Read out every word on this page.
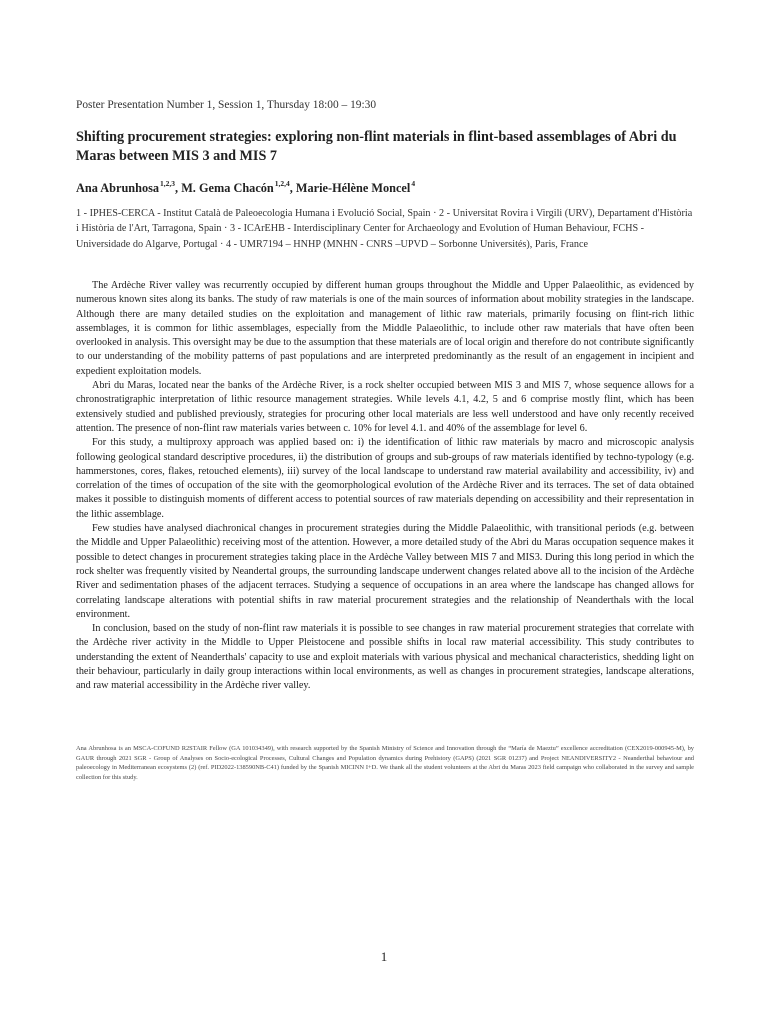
Poster Presentation Number 1, Session 1, Thursday 18:00 – 19:30
Shifting procurement strategies: exploring non-flint materials in flint-based assemblages of Abri du Maras between MIS 3 and MIS 7
Ana Abrunhosa$^{1,2,3}$, M. Gema Chacón$^{1,2,4}$, Marie-Hélène Moncel$^4$
1 - IPHES-CERCA - Institut Català de Paleoecologia Humana i Evolució Social, Spain · 2 - Universitat Rovira i Virgili (URV), Departament d'Història i Història de l'Art, Tarragona, Spain · 3 - ICArEHB - Interdisciplinary Center for Archaeology and Evolution of Human Behaviour, FCHS - Universidade do Algarve, Portugal · 4 - UMR7194 – HNHP (MNHN - CNRS –UPVD – Sorbonne Universités), Paris, France

The Ardèche River valley was recurrently occupied by different human groups throughout the Middle and Upper Palaeolithic, as evidenced by numerous known sites along its banks. The study of raw materials is one of the main sources of information about mobility strategies in the landscape. Although there are many detailed studies on the exploitation and management of lithic raw materials, primarily focusing on flint-rich lithic assemblages, it is common for lithic assemblages, especially from the Middle Palaeolithic, to include other raw materials that have often been overlooked in analysis. This oversight may be due to the assumption that these materials are of local origin and therefore do not contribute significantly to our understanding of the mobility patterns of past populations and are interpreted predominantly as the result of an engagement in incipient and expedient exploitation models.

Abri du Maras, located near the banks of the Ardèche River, is a rock shelter occupied between MIS 3 and MIS 7, whose sequence allows for a chronostratigraphic interpretation of lithic resource management strategies. While levels 4.1, 4.2, 5 and 6 comprise mostly flint, which has been extensively studied and published previously, strategies for procuring other local materials are less well understood and have only recently received attention. The presence of non-flint raw materials varies between c. 10% for level 4.1. and 40% of the assemblage for level 6.

For this study, a multiproxy approach was applied based on: i) the identification of lithic raw materials by macro and microscopic analysis following geological standard descriptive procedures, ii) the distribution of groups and sub-groups of raw materials identified by techno-typology (e.g. hammerstones, cores, flakes, retouched elements), iii) survey of the local landscape to understand raw material availability and accessibility, iv) and correlation of the times of occupation of the site with the geomorphological evolution of the Ardèche River and its terraces. The set of data obtained makes it possible to distinguish moments of different access to potential sources of raw materials depending on accessibility and their representation in the lithic assemblage.

Few studies have analysed diachronical changes in procurement strategies during the Middle Palaeolithic, with transitional periods (e.g. between the Middle and Upper Palaeolithic) receiving most of the attention. However, a more detailed study of the Abri du Maras occupation sequence makes it possible to detect changes in procurement strategies taking place in the Ardèche Valley between MIS 7 and MIS3. During this long period in which the rock shelter was frequently visited by Neandertal groups, the surrounding landscape underwent changes related above all to the incision of the Ardèche River and sedimentation phases of the adjacent terraces. Studying a sequence of occupations in an area where the landscape has changed allows for correlating landscape alterations with potential shifts in raw material procurement strategies and the relationship of Neanderthals with the local environment.

In conclusion, based on the study of non-flint raw materials it is possible to see changes in raw material procurement strategies that correlate with the Ardèche river activity in the Middle to Upper Pleistocene and possible shifts in local raw material accessibility. This study contributes to understanding the extent of Neanderthals' capacity to use and exploit materials with various physical and mechanical characteristics, shedding light on their behaviour, particularly in daily group interactions within local environments, as well as changes in procurement strategies, landscape alterations, and raw material accessibility in the Ardèche river valley.

Ana Abrunhosa is an MSCA-COFUND R2STAIR Fellow (GA 101034349), with research supported by the Spanish Ministry of Science and Innovation through the “María de Maeztu” excellence accreditation (CEX2019-000945-M), by GAUR through 2021 SGR - Group of Analyses on Socio-ecological Processes, Cultural Changes and Population dynamics during Prehistory (GAPS) (2021 SGR 01237) and Project NEANDIVERSITY2 - Neanderthal behaviour and paleoecology in Mediterranean ecosystems (2) (ref. PID2022-138590NB-C41) funded by the Spanish MICINN I+D. We thank all the student volunteers at the Abri du Maras 2023 field campaign who collaborated in the survey and sample collection for this study.
1
